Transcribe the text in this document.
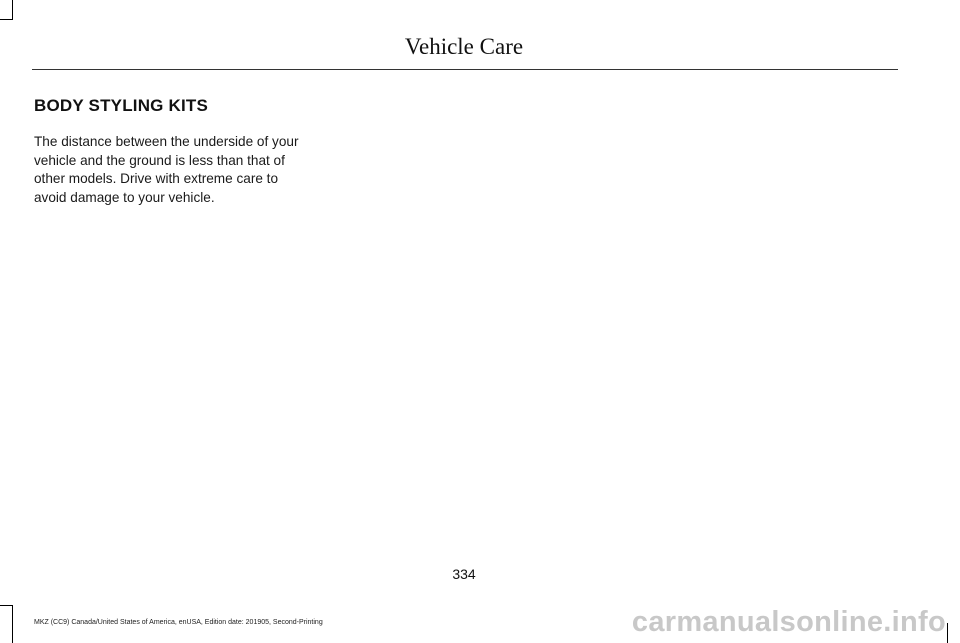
Vehicle Care
BODY STYLING KITS

The distance between the underside of your vehicle and the ground is less than that of other models. Drive with extreme care to avoid damage to your vehicle.

334
MKZ (CC9) Canada/United States of America, enUSA, Edition date: 201905, Second-Printing	carmanualsonline.info
